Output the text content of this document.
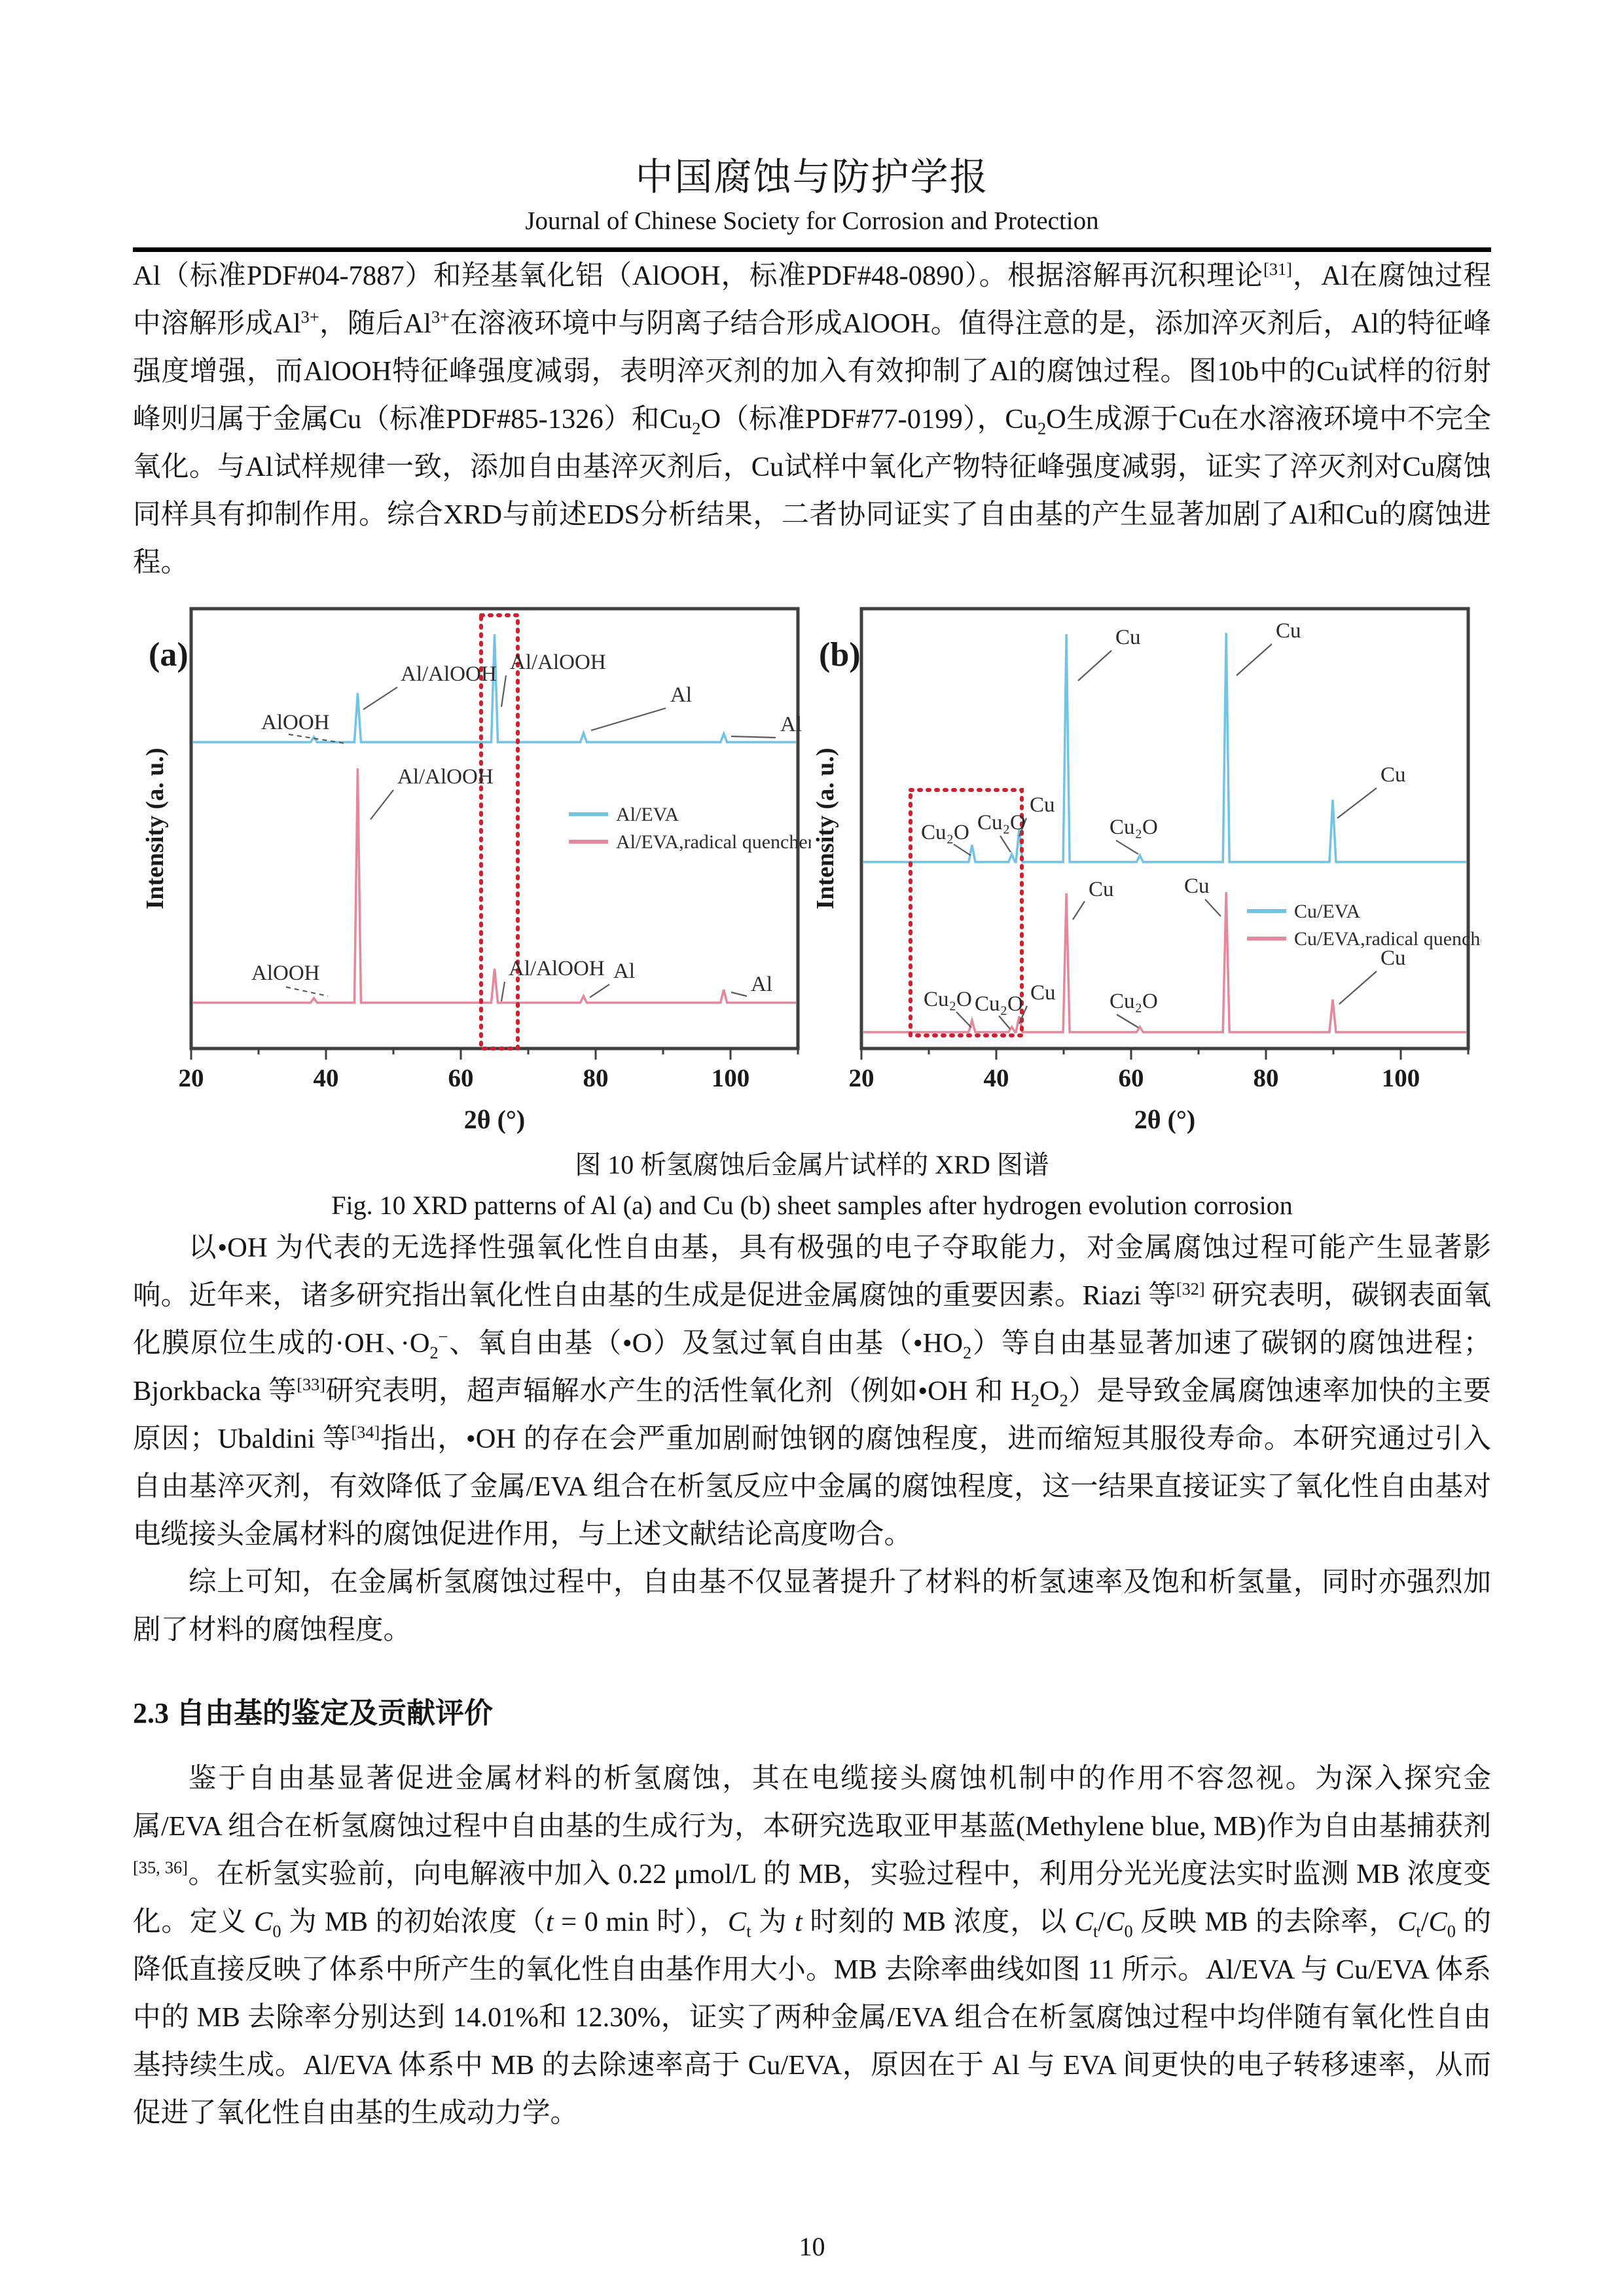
中国腐蚀与防护学报
Journal of Chinese Society for Corrosion and Protection

Al（标准PDF#04-7887）和羟基氧化铝（AlOOH，标准PDF#48-0890）。根据溶解再沉积理论[31]，Al在腐蚀过程中溶解形成$Al^{3+}$，随后$Al^{3+}$在溶液环境中与阴离子结合形成AlOOH。值得注意的是，添加淬灭剂后，Al的特征峰强度增强，而AlOOH特征峰强度减弱，表明淬灭剂的加入有效抑制了Al的腐蚀过程。图10b中的Cu试样的衍射峰则归属于金属Cu（标准PDF#85-1326）和$Cu_2O$（标准PDF#77-0199），$Cu_2O$生成源于Cu在水溶液环境中不完全氧化。与Al试样规律一致，添加自由基淬灭剂后，Cu试样中氧化产物特征峰强度减弱，证实了淬灭剂对Cu腐蚀同样具有抑制作用。综合XRD与前述EDS分析结果，二者协同证实了自由基的产生显著加剧了Al和Cu的腐蚀进程。

20	40	60	80	100
AlOOH
Al/AlOOH Al/AlOOH
Al
Al
Al/AlOOH
AlOOH	Al/AlOOH Al
Al
Al/EVA
Al/EVA,radical quencher
(a)
2θ (°)
Intensity (a. u.)
20	40	60	80	100
Cu	Cu
Cu
Cu
Cu₂O Cu₂O	Cu₂O
Cu	Cu
Cu
Cu
Cu₂O Cu₂O	Cu₂O
Cu/EVA
Cu/EVA,radical quencher
(b)
2θ (°)
Intensity (a. u.)

图 10 析氢腐蚀后金属片试样的 XRD 图谱

Fig. 10 XRD patterns of Al (a) and Cu (b) sheet samples after hydrogen evolution corrosion

以•OH 为代表的无选择性强氧化性自由基，具有极强的电子夺取能力，对金属腐蚀过程可能产生显著影响。近年来，诸多研究指出氧化性自由基的生成是促进金属腐蚀的重要因素。Riazi 等[32] 研究表明，碳钢表面氧化膜原位生成的·OH、$\cdot O_2^-$、氧自由基（•O）及氢过氧自由基$(•HO_2)$等自由基显著加速了碳钢的腐蚀进程； Bjorkbacka 等[33]研究表明，超声辐解水产生的活性氧化剂（例如•OH 和 $H_2O_2$）是导致金属腐蚀速率加快的主要原因；Ubaldini 等[34]指出，•OH 的存在会严重加剧耐蚀钢的腐蚀程度，进而缩短其服役寿命。本研究通过引入自由基淬灭剂，有效降低了金属/EVA 组合在析氢反应中金属的腐蚀程度，这一结果直接证实了氧化性自由基对电缆接头金属材料的腐蚀促进作用，与上述文献结论高度吻合。

综上可知，在金属析氢腐蚀过程中，自由基不仅显著提升了材料的析氢速率及饱和析氢量，同时亦强烈加剧了材料的腐蚀程度。

2.3 自由基的鉴定及贡献评价

鉴于自由基显著促进金属材料的析氢腐蚀，其在电缆接头腐蚀机制中的作用不容忽视。为深入探究金属/EVA 组合在析氢腐蚀过程中自由基的生成行为，本研究选取亚甲基蓝(Methylene blue, MB)作为自由基捕获剂[35, 36]。在析氢实验前，向电解液中加入 0.22 μmol/L 的 MB，实验过程中，利用分光光度法实时监测 MB 浓度变化。定义 $C_0$ 为 MB 的初始浓度（t = 0 min 时），$C_t$ 为 t 时刻的 MB 浓度，以 $C_t/C_0$ 反映 MB 的去除率，$C_t/C_0$ 的降低直接反映了体系中所产生的氧化性自由基作用大小。MB 去除率曲线如图 11 所示。Al/EVA 与 Cu/EVA 体系中的 MB 去除率分别达到 14.01%和 12.30%，证实了两种金属/EVA 组合在析氢腐蚀过程中均伴随有氧化性自由基持续生成。Al/EVA 体系中 MB 的去除速率高于 Cu/EVA，原因在于 Al 与 EVA 间更快的电子转移速率，从而促进了氧化性自由基的生成动力学。

10
